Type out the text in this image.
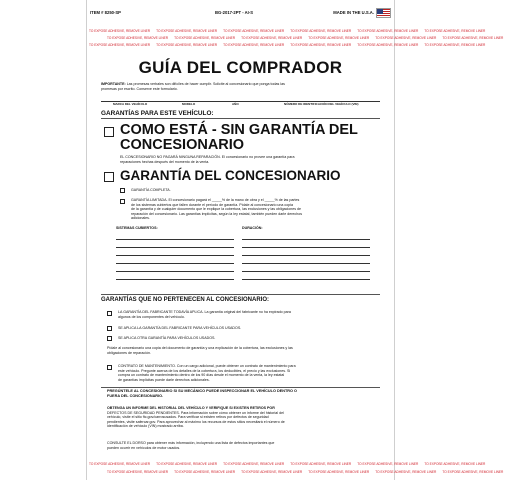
ITEM # 8250-SP	BG-2017-2PT - AI-S	MADE IN THE U.S.A.
TO EXPOSE ADHESIVE, REMOVE LINER TO EXPOSE ADHESIVE, REMOVE LINER TO EXPOSE ADHESIVE, REMOVE LINER TO EXPOSE ADHESIVE, REMOVE LINER TO EXPOSE ADHESIVE, REMOVE LINER TO EXPOSE ADHESIVE, REMOVE LINER
TO EXPOSE ADHESIVE, REMOVE LINER TO EXPOSE ADHESIVE, REMOVE LINER TO EXPOSE ADHESIVE, REMOVE LINER TO EXPOSE ADHESIVE, REMOVE LINER TO EXPOSE ADHESIVE, REMOVE LINER TO EXPOSE ADHESIVE, REMOVE LINER
TO EXPOSE ADHESIVE, REMOVE LINER TO EXPOSE ADHESIVE, REMOVE LINER TO EXPOSE ADHESIVE, REMOVE LINER TO EXPOSE ADHESIVE, REMOVE LINER TO EXPOSE ADHESIVE, REMOVE LINER TO EXPOSE ADHESIVE, REMOVE LINER
GUÍA DEL COMPRADOR
IMPORTANTE: Las promesas verbales son difíciles de hacer cumplir. Solicite al concesionario que ponga todas las
promesas por escrito. Conserve este formulario.
MARCA DEL VEHÍCULO	MODELO	AÑO	NÚMERO DE IDENTIFICACIÓN DEL VEHÍCULO (VIN)
GARANTÍAS PARA ESTE VEHÍCULO:
COMO ESTÁ - SIN GARANTÍA DEL
CONCESIONARIO
EL CONCESIONARIO NO PAGARÁ NINGUNA REPARACIÓN. El concesionario no provee una garantía para
reparaciones hechas después del momento de la venta.
GARANTÍA DEL CONCESIONARIO
GARANTÍA COMPLETA.
GARANTÍA LIMITADA. El concesionario pagará el _____% de la mano de obra y el _____% de las partes
de los sistemas cubiertos que fallen durante el período de garantía. Pídale al concesionario una copia
de la garantía y de cualquier documento que le explique la cobertura, las exclusiones y las obligaciones de
reparación del concesionario. Las garantías implícitas, según la ley estatal, también pueden darle derechos
adicionales.
SISTEMAS CUBIERTOS:	DURACIÓN:
GARANTÍAS QUE NO PERTENECEN AL CONCESIONARIO:
LA GARANTÍA DEL FABRICANTE TODAVÍA APLICA. La garantía original del fabricante no ha expirado para
algunos de los componentes del vehículo.
SE APLICA LA GARANTÍA DEL FABRICANTE PARA VEHÍCULOS USADOS.
SE APLICA OTRA GARANTÍA PARA VEHÍCULOS USADOS.
Pídale al concesionario una copia del documento de garantía y una explicación de la cobertura, las exclusiones y las
obligaciones de reparación.
CONTRATO DE MANTENIMIENTO. Con un cargo adicional, puede obtener un contrato de mantenimiento para
este vehículo. Pregunte acerca de los detalles de la cobertura, los deducibles, el precio y las exclusiones. Si
compra un contrato de mantenimiento dentro de los 90 días desde el momento de la venta, la ley estatal
de garantías implícitas puede darle derechos adicionales.
PREGÚNTELE AL CONCESIONARIO SI SU MECÁNICO PUEDE INSPECCIONAR EL VEHÍCULO DENTRO O
FUERA DEL CONCESIONARIO.
OBTENGA UN INFORME DEL HISTORIAL DEL VEHÍCULO Y VERIFIQUE SI EXISTEN RETIROS POR
DEFECTOS DE SEGURIDAD PENDIENTES. Para información sobre cómo obtener un informe del historial del
vehículo, visite el sitio ftc.gov/carrosusados. Para verificar si existen retiros por defectos de seguridad
pendientes, visite safercar.gov. Para aprovechar al máximo los recursos de estos sitios necesitará el número de
identificación de vehículo (VIN) mostrado arriba.
CONSULTE EL DORSO para obtener más información, incluyendo una lista de defectos importantes que
pueden ocurrir en vehículos de motor usados.
TO EXPOSE ADHESIVE, REMOVE LINER TO EXPOSE ADHESIVE, REMOVE LINER TO EXPOSE ADHESIVE, REMOVE LINER TO EXPOSE ADHESIVE, REMOVE LINER TO EXPOSE ADHESIVE, REMOVE LINER TO EXPOSE ADHESIVE, REMOVE LINER
TO EXPOSE ADHESIVE, REMOVE LINER TO EXPOSE ADHESIVE, REMOVE LINER TO EXPOSE ADHESIVE, REMOVE LINER TO EXPOSE ADHESIVE, REMOVE LINER TO EXPOSE ADHESIVE, REMOVE LINER TO EXPOSE ADHESIVE, REMOVE LINER
